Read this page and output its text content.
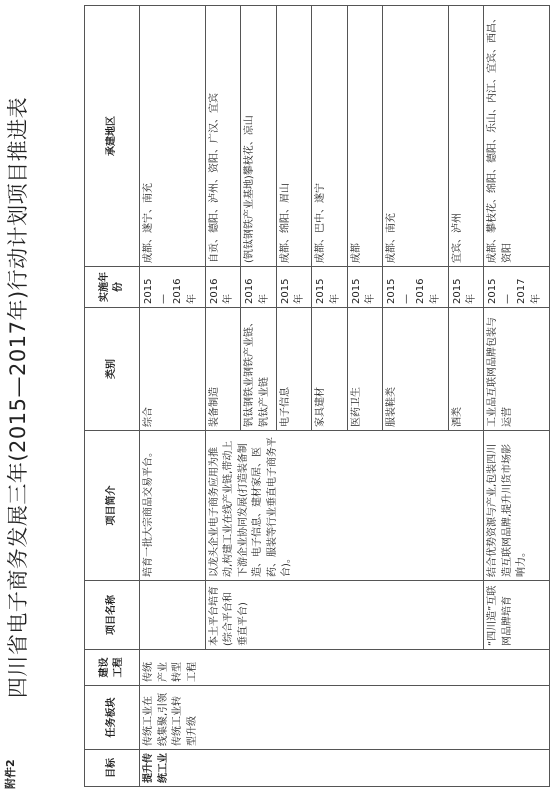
附件2
四川省电子商务发展三年(2015—2017年)行动计划项目推进表
目标	任务板块	建设工程	项目名称	项目简介	类别	实施年份	承建地区
提升传统工业	传统工业在线集聚,引领传统工业转型升级	传统产业转型工程		培育一批大宗商品交易平台。	综合	2015—2016年	成都、遂宁、南充
			本土平台培育(综合平台和垂直平台)	以龙头企业电子商务应用为推动,构建工业在线产业链,带动上下游企业协同发展(打造装备制造、电子信息、建材家居、医药、服装等行业垂直电子商务平台)。	装备制造	2016年	自贡、德阳、泸州、资阳、广汉、宜宾
					钒钛钢铁业钢铁产业链、钒钛产业链	2016年	(钒钛钢铁产业基地)攀枝花、凉山
					电子信息	2015年	成都、绵阳、眉山
					家具建材	2015年	成都、巴中、遂宁
					医药卫生	2015年	成都
					服装鞋类	2015—2016年	成都、南充
					酒类	2015年	宜宾、泸州
			“四川造”互联网品牌培育	结合优势资源与产业,包装四川造互联网品牌,提升川货市场影响力。	工业品互联网品牌包装与运营	2015—2017年	成都、攀枝花、绵阳、德阳、乐山、内江、宜宾、西昌、资阳
